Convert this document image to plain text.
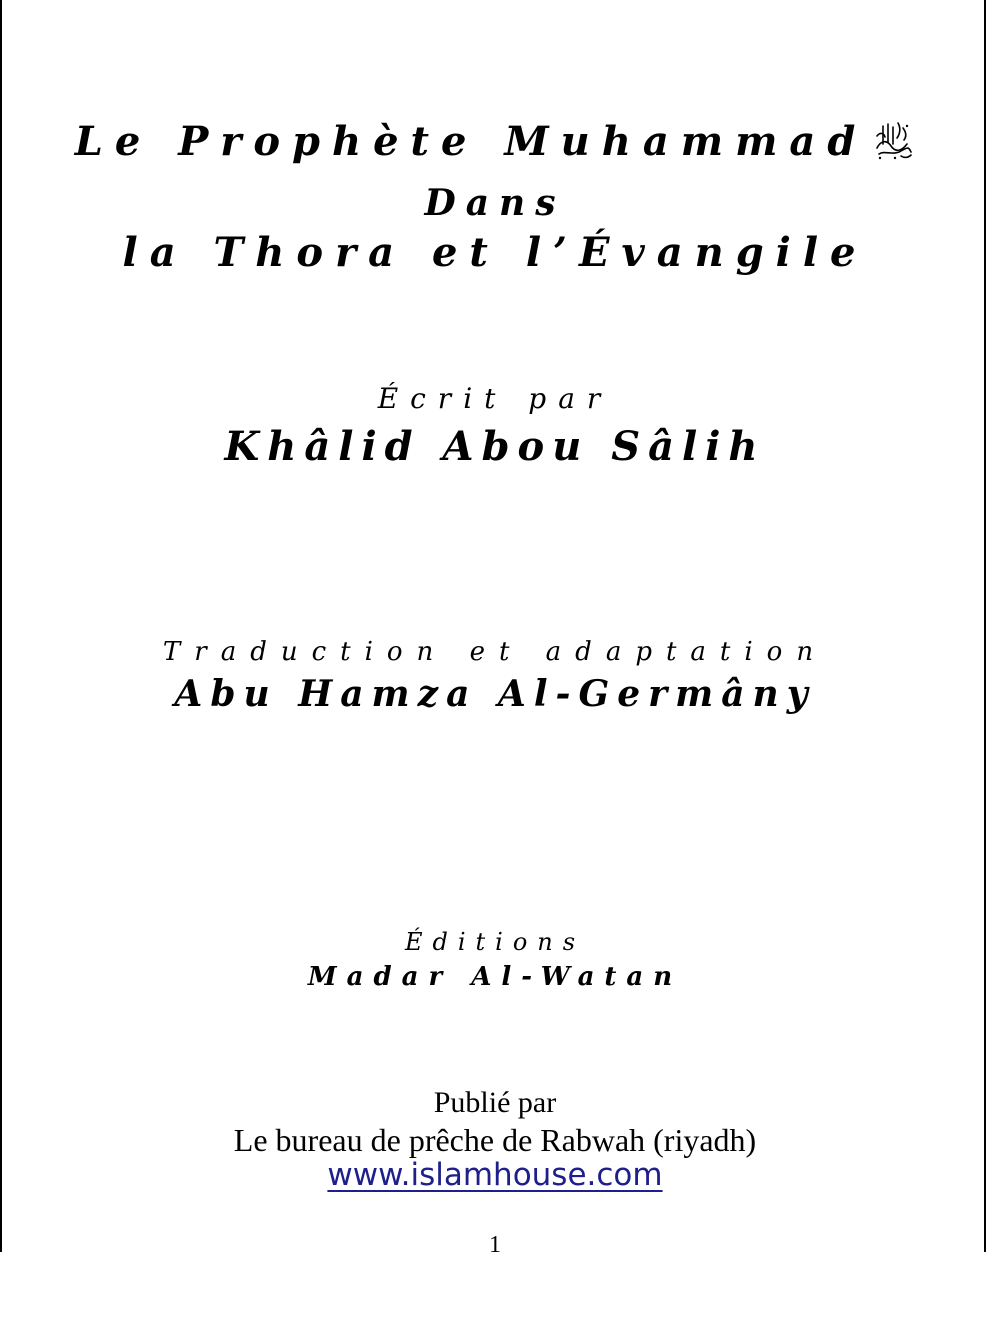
Le Prophète Muhammad
Dans
la Thora et l’Évangile
Écrit par
Khâlid Abou Sâlih
Traduction et adaptation
Abu Hamza Al-Germâny
Éditions
Madar Al-Watan
Publié par
Le bureau de prêche de Rabwah (riyadh)
www.islamhouse.com
1
